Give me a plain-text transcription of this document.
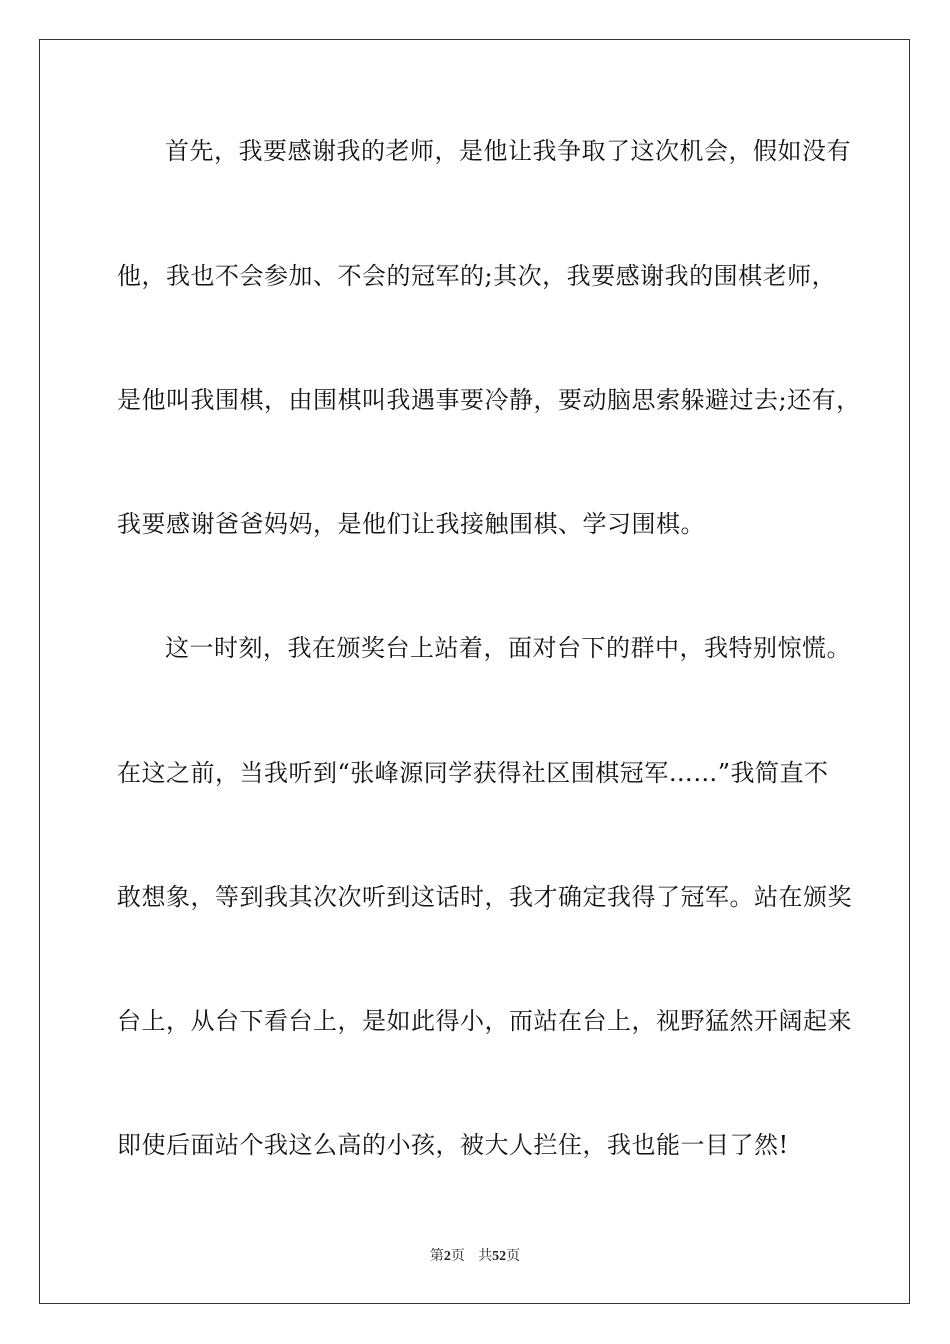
首先，我要感谢我的老师，是他让我争取了这次机会，假如没有
他，我也不会参加、不会的冠军的;其次，我要感谢我的围棋老师，
是他叫我围棋，由围棋叫我遇事要冷静，要动脑思索躲避过去;还有，
我要感谢爸爸妈妈，是他们让我接触围棋、学习围棋。
这一时刻，我在颁奖台上站着，面对台下的群中，我特别惊慌。
在这之前，当我听到“张峰源同学获得社区围棋冠军……”我简直不
敢想象，等到我其次次听到这话时，我才确定我得了冠军。站在颁奖
台上，从台下看台上，是如此得小，而站在台上，视野猛然开阔起来
即使后面站个我这么高的小孩，被大人拦住，我也能一目了然!
第2页 共52页
